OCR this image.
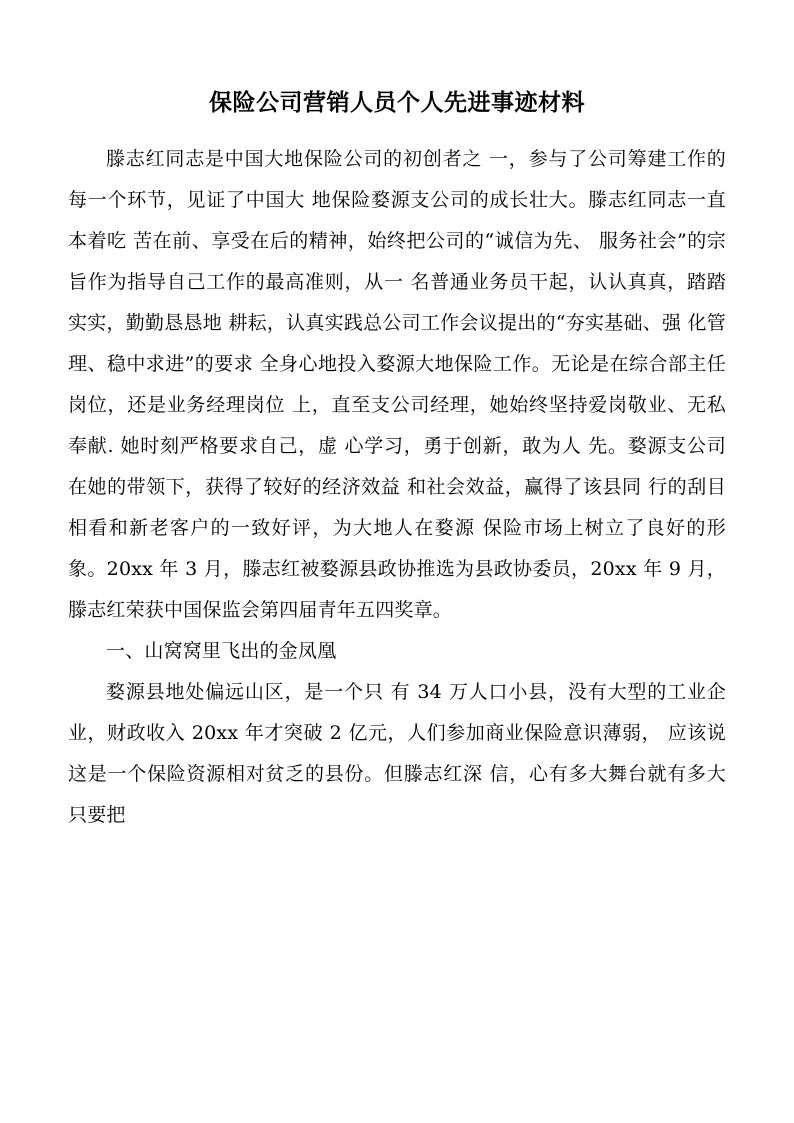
保险公司营销人员个人先进事迹材料

滕志红同志是中国大地保险公司的初创者之 一，参与了公司筹建工作的每一个环节，见证了中国大 地保险婺源支公司的成长壮大。滕志红同志一直本着吃 苦在前、享受在后的精神，始终把公司的“诚信为先、 服务社会”的宗旨作为指导自己工作的最高准则，从一 名普通业务员干起，认认真真，踏踏实实，勤勤恳恳地 耕耘，认真实践总公司工作会议提出的“夯实基础、强 化管理、稳中求进”的要求 全身心地投入婺源大地保险工作。无论是在综合部主任岗位，还是业务经理岗位 上，直至支公司经理，她始终坚持爱岗敬业、无私奉献. 她时刻严格要求自己，虚 心学习，勇于创新，敢为人 先。婺源支公司在她的带领下，获得了较好的经济效益 和社会效益，赢得了该县同 行的刮目相看和新老客户的一致好评，为大地人在婺源 保险市场上树立了良好的形象。20xx 年 3 月，滕志红被婺源县政协推选为县政协委员，20xx 年 9 月，滕志红荣获中国保监会第四届青年五四奖章。

一、山窝窝里飞出的金凤凰

婺源县地处偏远山区，是一个只 有 34 万人口小县，没有大型的工业企业，财政收入 20xx 年才突破 2 亿元，人们参加商业保险意识薄弱， 应该说这是一个保险资源相对贫乏的县份。但滕志红深 信，心有多大舞台就有多大 只要把
